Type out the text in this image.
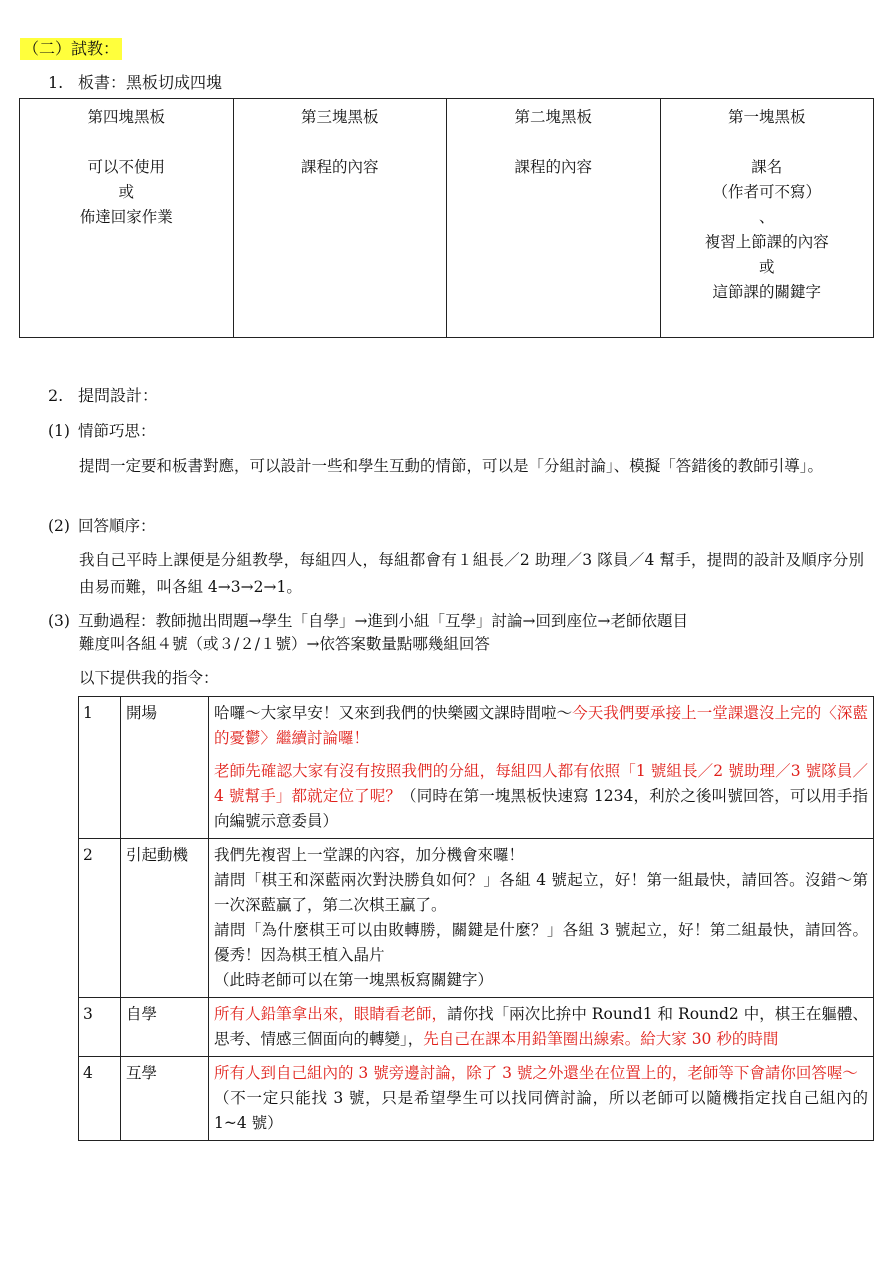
（二）試教：
1. 板書：黑板切成四塊
第四塊黑板
可以不使用
或
佈達回家作業

第三塊黑板
課程的內容

第二塊黑板
課程的內容

第一塊黑板
課名
（作者可不寫）
、
複習上節課的內容
或
這節課的關鍵字
2. 提問設計：
(1) 情節巧思：
提問一定要和板書對應，可以設計一些和學生互動的情節，可以是「分組討論」、模擬「答錯後的教師引導」。
(2) 回答順序：
我自己平時上課便是分組教學，每組四人，每組都會有１組長／2 助理／3 隊員／4 幫手，提問的設計及順序分別由易而難，叫各組 4→3→2→1。
(3) 互動過程：教師拋出問題→學生「自學」→進到小組「互學」討論→回到座位→老師依題目
難度叫各組４號（或３/２/１號）→依答案數量點哪幾組回答
以下提供我的指令：
1	開場	哈囉～大家早安！又來到我們的快樂國文課時間啦～今天我們要承接上一堂課還沒上完的〈深藍的憂鬱〉繼續討論囉！
老師先確認大家有沒有按照我們的分組，每組四人都有依照「1 號組長／2 號助理／3 號隊員／4 號幫手」都就定位了呢？（同時在第一塊黑板快速寫 1234，利於之後叫號回答，可以用手指向編號示意委員）

2	引起動機	我們先複習上一堂課的內容，加分機會來囉！
請問「棋王和深藍兩次對決勝負如何？」各組 4 號起立，好！第一組最快，請回答。沒錯～第一次深藍贏了，第二次棋王贏了。
請問「為什麼棋王可以由敗轉勝，關鍵是什麼？」各組 3 號起立，好！第二組最快，請回答。優秀！因為棋王植入晶片
（此時老師可以在第一塊黑板寫關鍵字）

3	自學	所有人鉛筆拿出來，眼睛看老師，請你找「兩次比拚中 Round1 和 Round2 中，棋王在軀體、思考、情感三個面向的轉變」，先自己在課本用鉛筆圈出線索。給大家 30 秒的時間
4	互學	所有人到自己組內的 3 號旁邊討論，除了 3 號之外還坐在位置上的，老師等下會請你回答喔～
（不一定只能找 3 號，只是希望學生可以找同儕討論，所以老師可以隨機指定找自己組內的 1~4 號）
